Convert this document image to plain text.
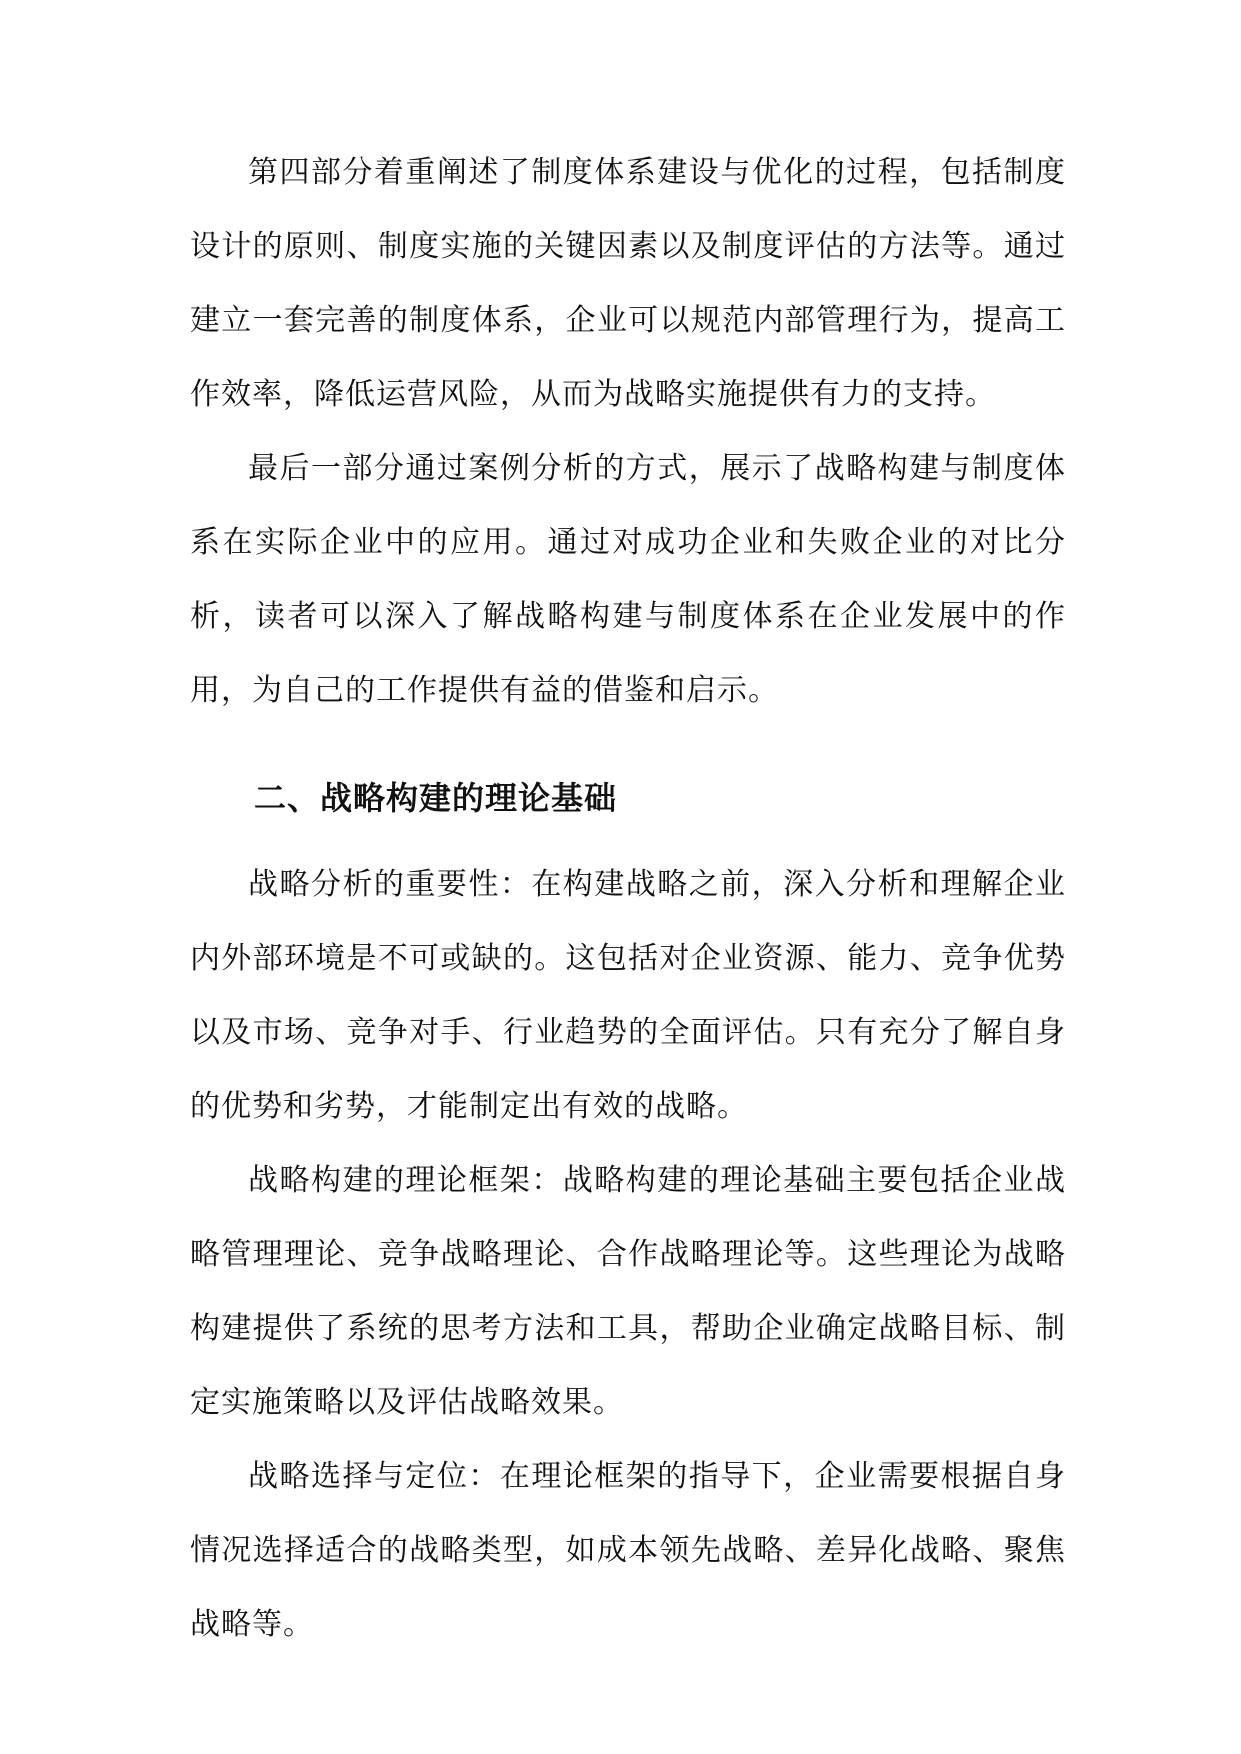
第四部分着重阐述了制度体系建设与优化的过程，包括制度设计的原则、制度实施的关键因素以及制度评估的方法等。通过建立一套完善的制度体系，企业可以规范内部管理行为，提高工作效率，降低运营风险，从而为战略实施提供有力的支持。

最后一部分通过案例分析的方式，展示了战略构建与制度体系在实际企业中的应用。通过对成功企业和失败企业的对比分析，读者可以深入了解战略构建与制度体系在企业发展中的作用，为自己的工作提供有益的借鉴和启示。

二、战略构建的理论基础

战略分析的重要性：在构建战略之前，深入分析和理解企业内外部环境是不可或缺的。这包括对企业资源、能力、竞争优势以及市场、竞争对手、行业趋势的全面评估。只有充分了解自身的优势和劣势，才能制定出有效的战略。

战略构建的理论框架：战略构建的理论基础主要包括企业战略管理理论、竞争战略理论、合作战略理论等。这些理论为战略构建提供了系统的思考方法和工具，帮助企业确定战略目标、制定实施策略以及评估战略效果。

战略选择与定位：在理论框架的指导下，企业需要根据自身情况选择适合的战略类型，如成本领先战略、差异化战略、聚焦战略等。
